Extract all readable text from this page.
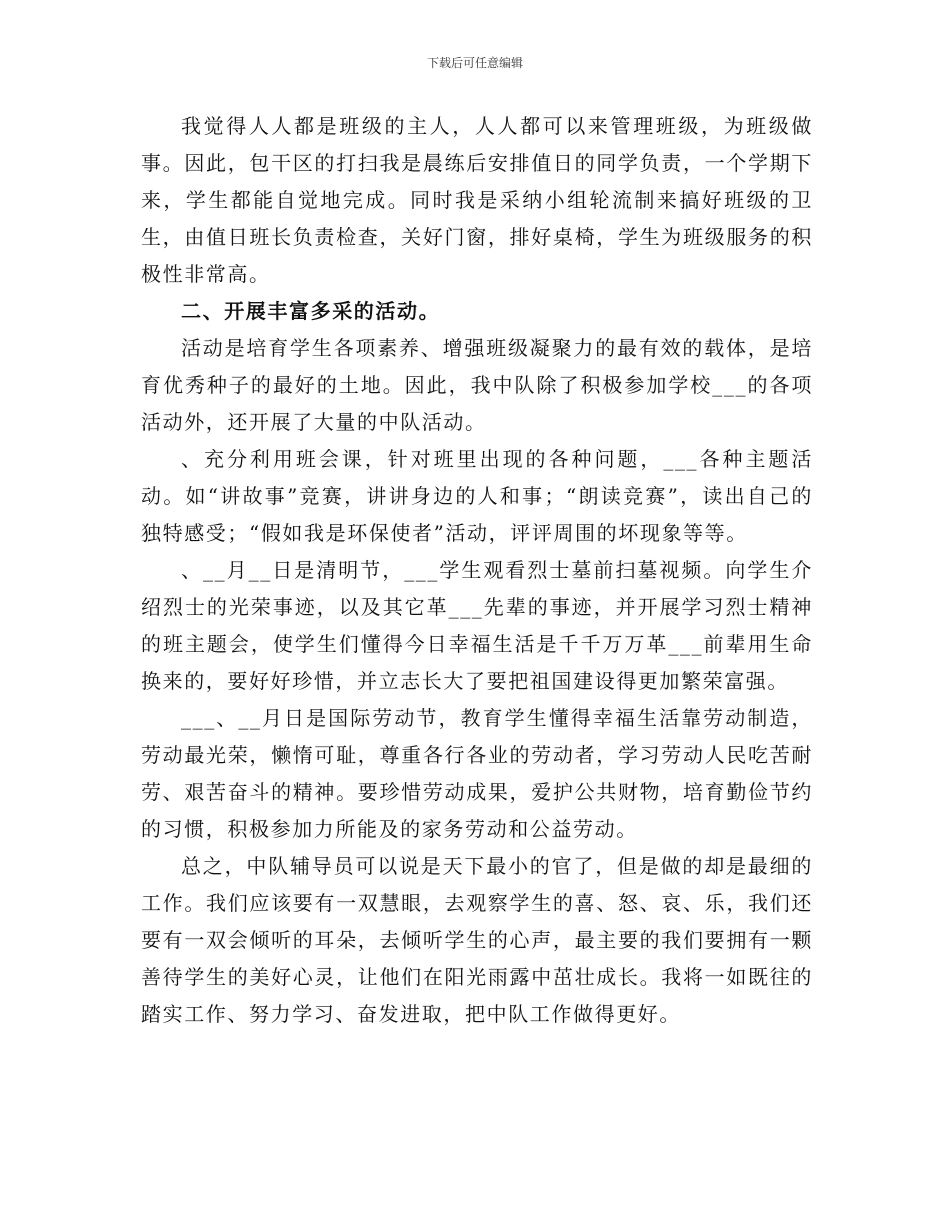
下载后可任意编辑

我觉得人人都是班级的主人，人人都可以来管理班级，为班级做事。因此，包干区的打扫我是晨练后安排值日的同学负责，一个学期下来，学生都能自觉地完成。同时我是采纳小组轮流制来搞好班级的卫生，由值日班长负责检查，关好门窗，排好桌椅，学生为班级服务的积极性非常高。

二、开展丰富多采的活动。

活动是培育学生各项素养、增强班级凝聚力的最有效的载体，是培育优秀种子的最好的土地。因此，我中队除了积极参加学校___的各项活动外，还开展了大量的中队活动。

、充分利用班会课，针对班里出现的各种问题，___各种主题活动。如“讲故事”竞赛，讲讲身边的人和事；“朗读竞赛”，读出自己的独特感受；“假如我是环保使者”活动，评评周围的坏现象等等。

、__月__日是清明节，___学生观看烈士墓前扫墓视频。向学生介绍烈士的光荣事迹，以及其它革___先辈的事迹，并开展学习烈士精神的班主题会，使学生们懂得今日幸福生活是千千万万革___前辈用生命换来的，要好好珍惜，并立志长大了要把祖国建设得更加繁荣富强。

___、__月日是国际劳动节，教育学生懂得幸福生活靠劳动制造，劳动最光荣，懒惰可耻，尊重各行各业的劳动者，学习劳动人民吃苦耐劳、艰苦奋斗的精神。要珍惜劳动成果，爱护公共财物，培育勤俭节约的习惯，积极参加力所能及的家务劳动和公益劳动。

总之，中队辅导员可以说是天下最小的官了，但是做的却是最细的工作。我们应该要有一双慧眼，去观察学生的喜、怒、哀、乐，我们还要有一双会倾听的耳朵，去倾听学生的心声，最主要的我们要拥有一颗善待学生的美好心灵，让他们在阳光雨露中茁壮成长。我将一如既往的踏实工作、努力学习、奋发进取，把中队工作做得更好。
